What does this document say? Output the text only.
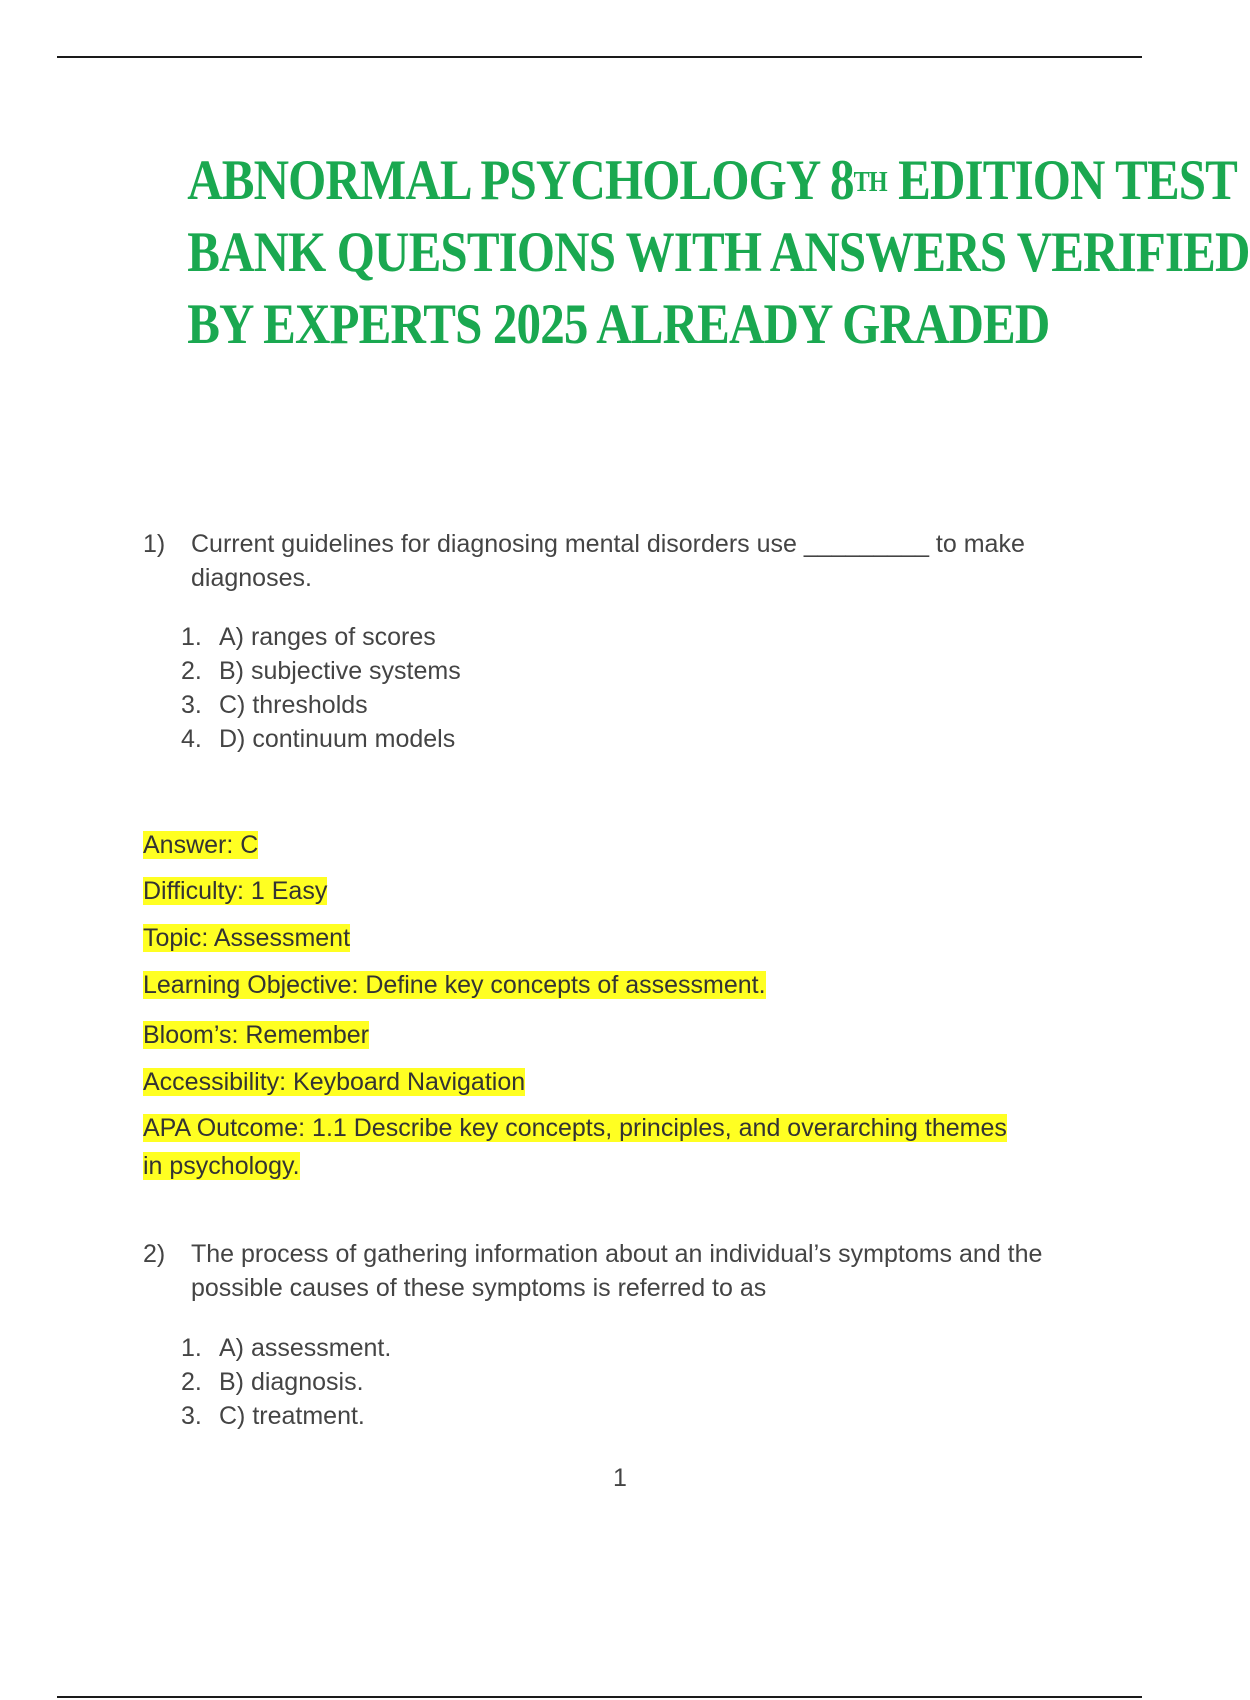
ABNORMAL PSYCHOLOGY 8TH EDITION TEST
BANK QUESTIONS WITH ANSWERS VERIFIED
BY EXPERTS 2025 ALREADY GRADED
1) Current guidelines for diagnosing mental disorders use _________ to make diagnoses.
1. A) ranges of scores
2. B) subjective systems
3. C) thresholds
4. D) continuum models
Answer: C
Difficulty: 1 Easy
Topic: Assessment
Learning Objective: Define key concepts of assessment.
Bloom’s: Remember
Accessibility: Keyboard Navigation
APA Outcome: 1.1 Describe key concepts, principles, and overarching themes in psychology.
2) The process of gathering information about an individual’s symptoms and the possible causes of these symptoms is referred to as
1. A) assessment.
2. B) diagnosis.
3. C) treatment.
1
